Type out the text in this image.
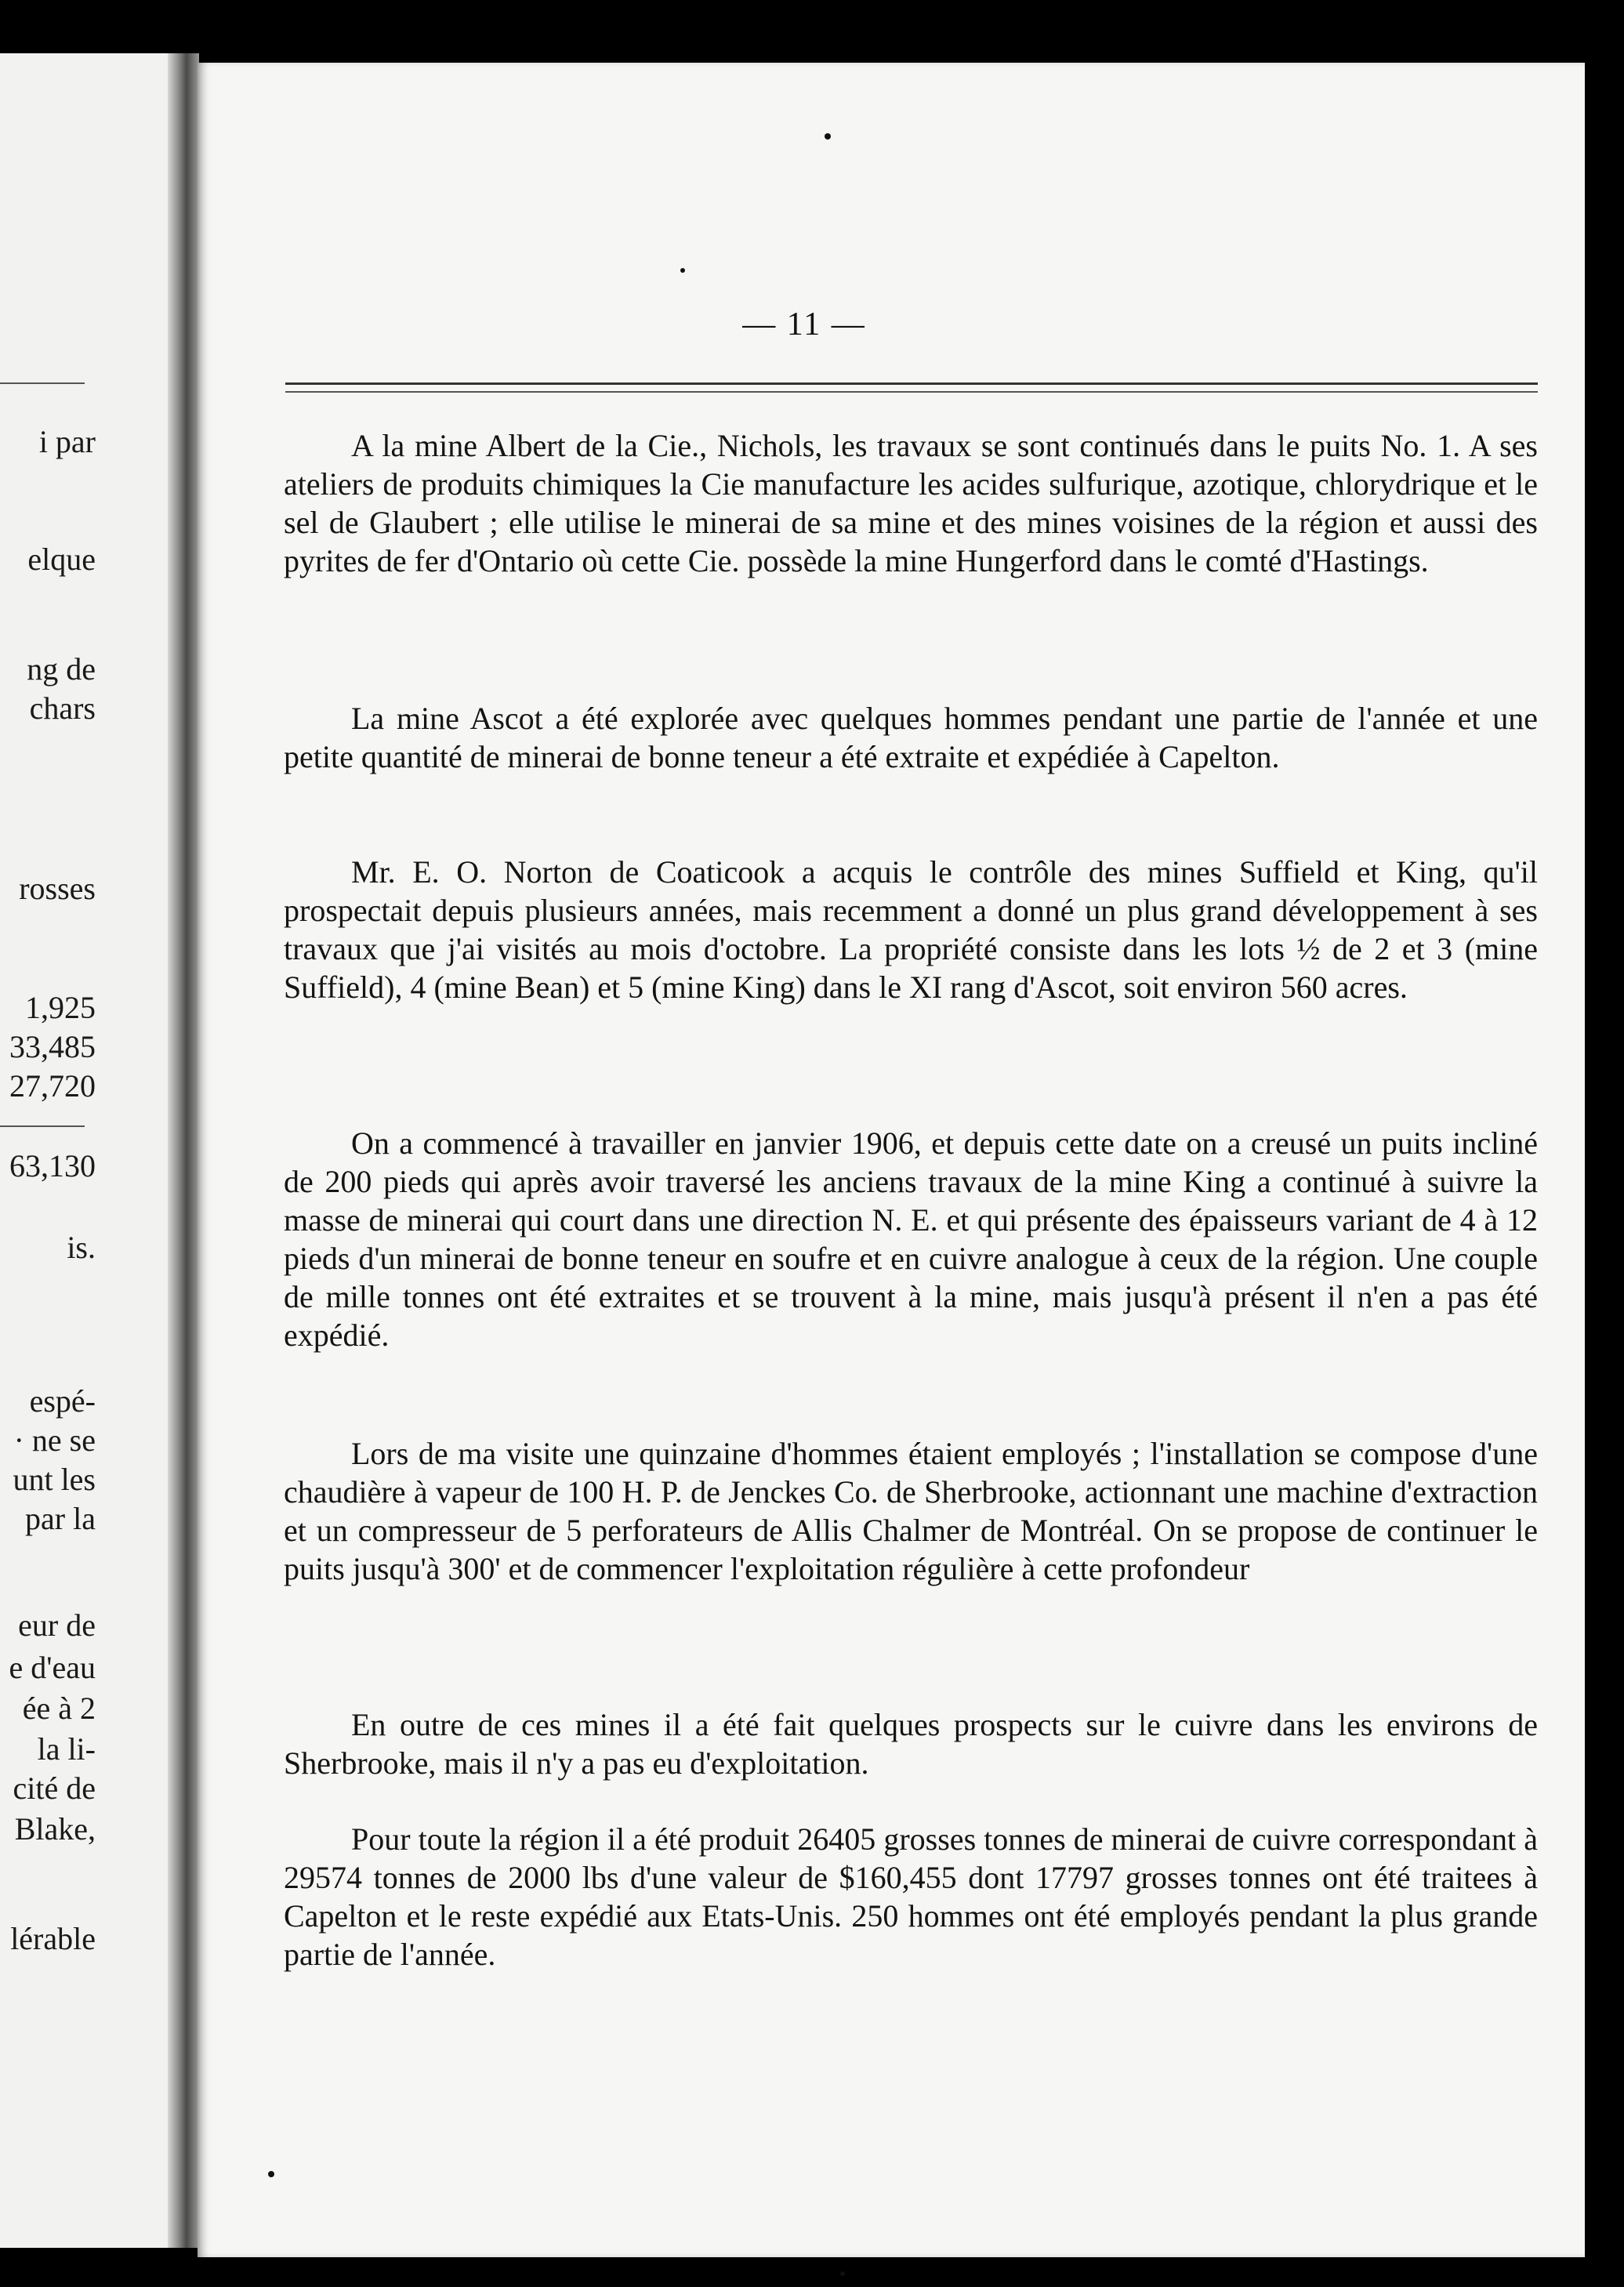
i par
elque
ng de
chars
rosses
1,925
33,485
27,720
63,130
is.
espé-
· ne se
unt les
par la
eur de
e d'eau
ée à 2
la li-
cité de
Blake,
lérable
— 11 —

A la mine Albert de la Cie., Nichols, les travaux se sont continués dans le puits No. 1. A ses ateliers de produits chimiques la Cie manufacture les acides sulfurique, azotique, chlorydrique et le sel de Glaubert ; elle utilise le minerai de sa mine et des mines voisines de la région et aussi des pyrites de fer d'Ontario où cette Cie. possède la mine Hungerford dans le comté d'Hastings.

La mine Ascot a été explorée avec quelques hommes pendant une partie de l'année et une petite quantité de minerai de bonne teneur a été extraite et expédiée à Capelton.

Mr. E. O. Norton de Coaticook a acquis le contrôle des mines Suffield et King, qu'il prospectait depuis plusieurs années, mais recemment a donné un plus grand développement à ses travaux que j'ai visités au mois d'octobre. La propriété consiste dans les lots ½ de 2 et 3 (mine Suffield), 4 (mine Bean) et 5 (mine King) dans le XI rang d'Ascot, soit environ 560 acres.

On a commencé à travailler en janvier 1906, et depuis cette date on a creusé un puits incliné de 200 pieds qui après avoir traversé les anciens travaux de la mine King a continué à suivre la masse de minerai qui court dans une direction N. E. et qui présente des épaisseurs variant de 4 à 12 pieds d'un minerai de bonne teneur en soufre et en cuivre analogue à ceux de la région. Une couple de mille tonnes ont été extraites et se trouvent à la mine, mais jusqu'à présent il n'en a pas été expédié.

Lors de ma visite une quinzaine d'hommes étaient employés ; l'installation se compose d'une chaudière à vapeur de 100 H. P. de Jenckes Co. de Sherbrooke, actionnant une machine d'extraction et un compresseur de 5 perforateurs de Allis Chalmer de Montréal. On se propose de continuer le puits jusqu'à 300' et de commencer l'exploitation régulière à cette profondeur

En outre de ces mines il a été fait quelques prospects sur le cuivre dans les environs de Sherbrooke, mais il n'y a pas eu d'exploitation.

Pour toute la région il a été produit 26405 grosses tonnes de minerai de cuivre correspondant à 29574 tonnes de 2000 lbs d'une valeur de $160,455 dont 17797 grosses tonnes ont été traitees à Capelton et le reste expédié aux Etats-Unis. 250 hommes ont été employés pendant la plus grande partie de l'année.
